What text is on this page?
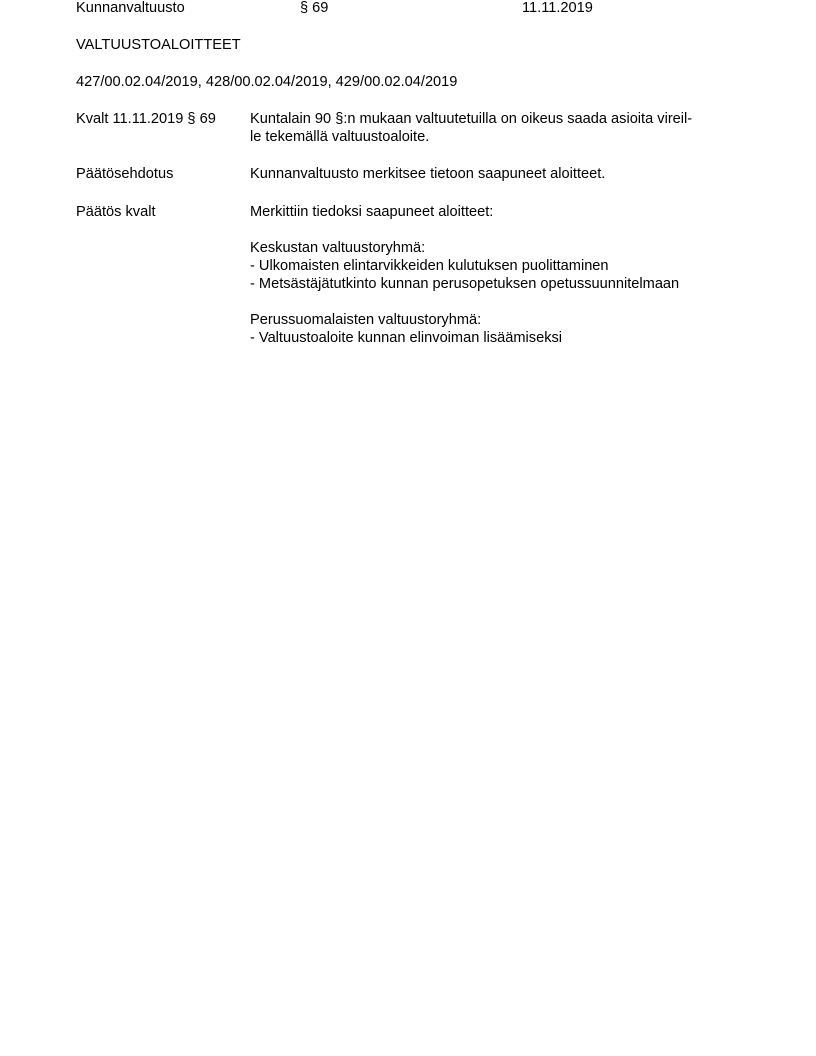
Kunnanvaltuusto	§ 69	11.11.2019
VALTUUSTOALOITTEET
427/00.02.04/2019, 428/00.02.04/2019, 429/00.02.04/2019
Kvalt 11.11.2019 § 69	Kuntalain 90 §:n mukaan valtuutetuilla on oikeus saada asioita vireil-
le tekemällä valtuustoaloite.
Päätösehdotus	Kunnanvaltuusto merkitsee tietoon saapuneet aloitteet.
Päätös kvalt	Merkittiin tiedoksi saapuneet aloitteet:
Keskustan valtuustoryhmä:
- Ulkomaisten elintarvikkeiden kulutuksen puolittaminen
- Metsästäjätutkinto kunnan perusopetuksen opetussuunnitelmaan
Perussuomalaisten valtuustoryhmä:
- Valtuustoaloite kunnan elinvoiman lisäämiseksi
